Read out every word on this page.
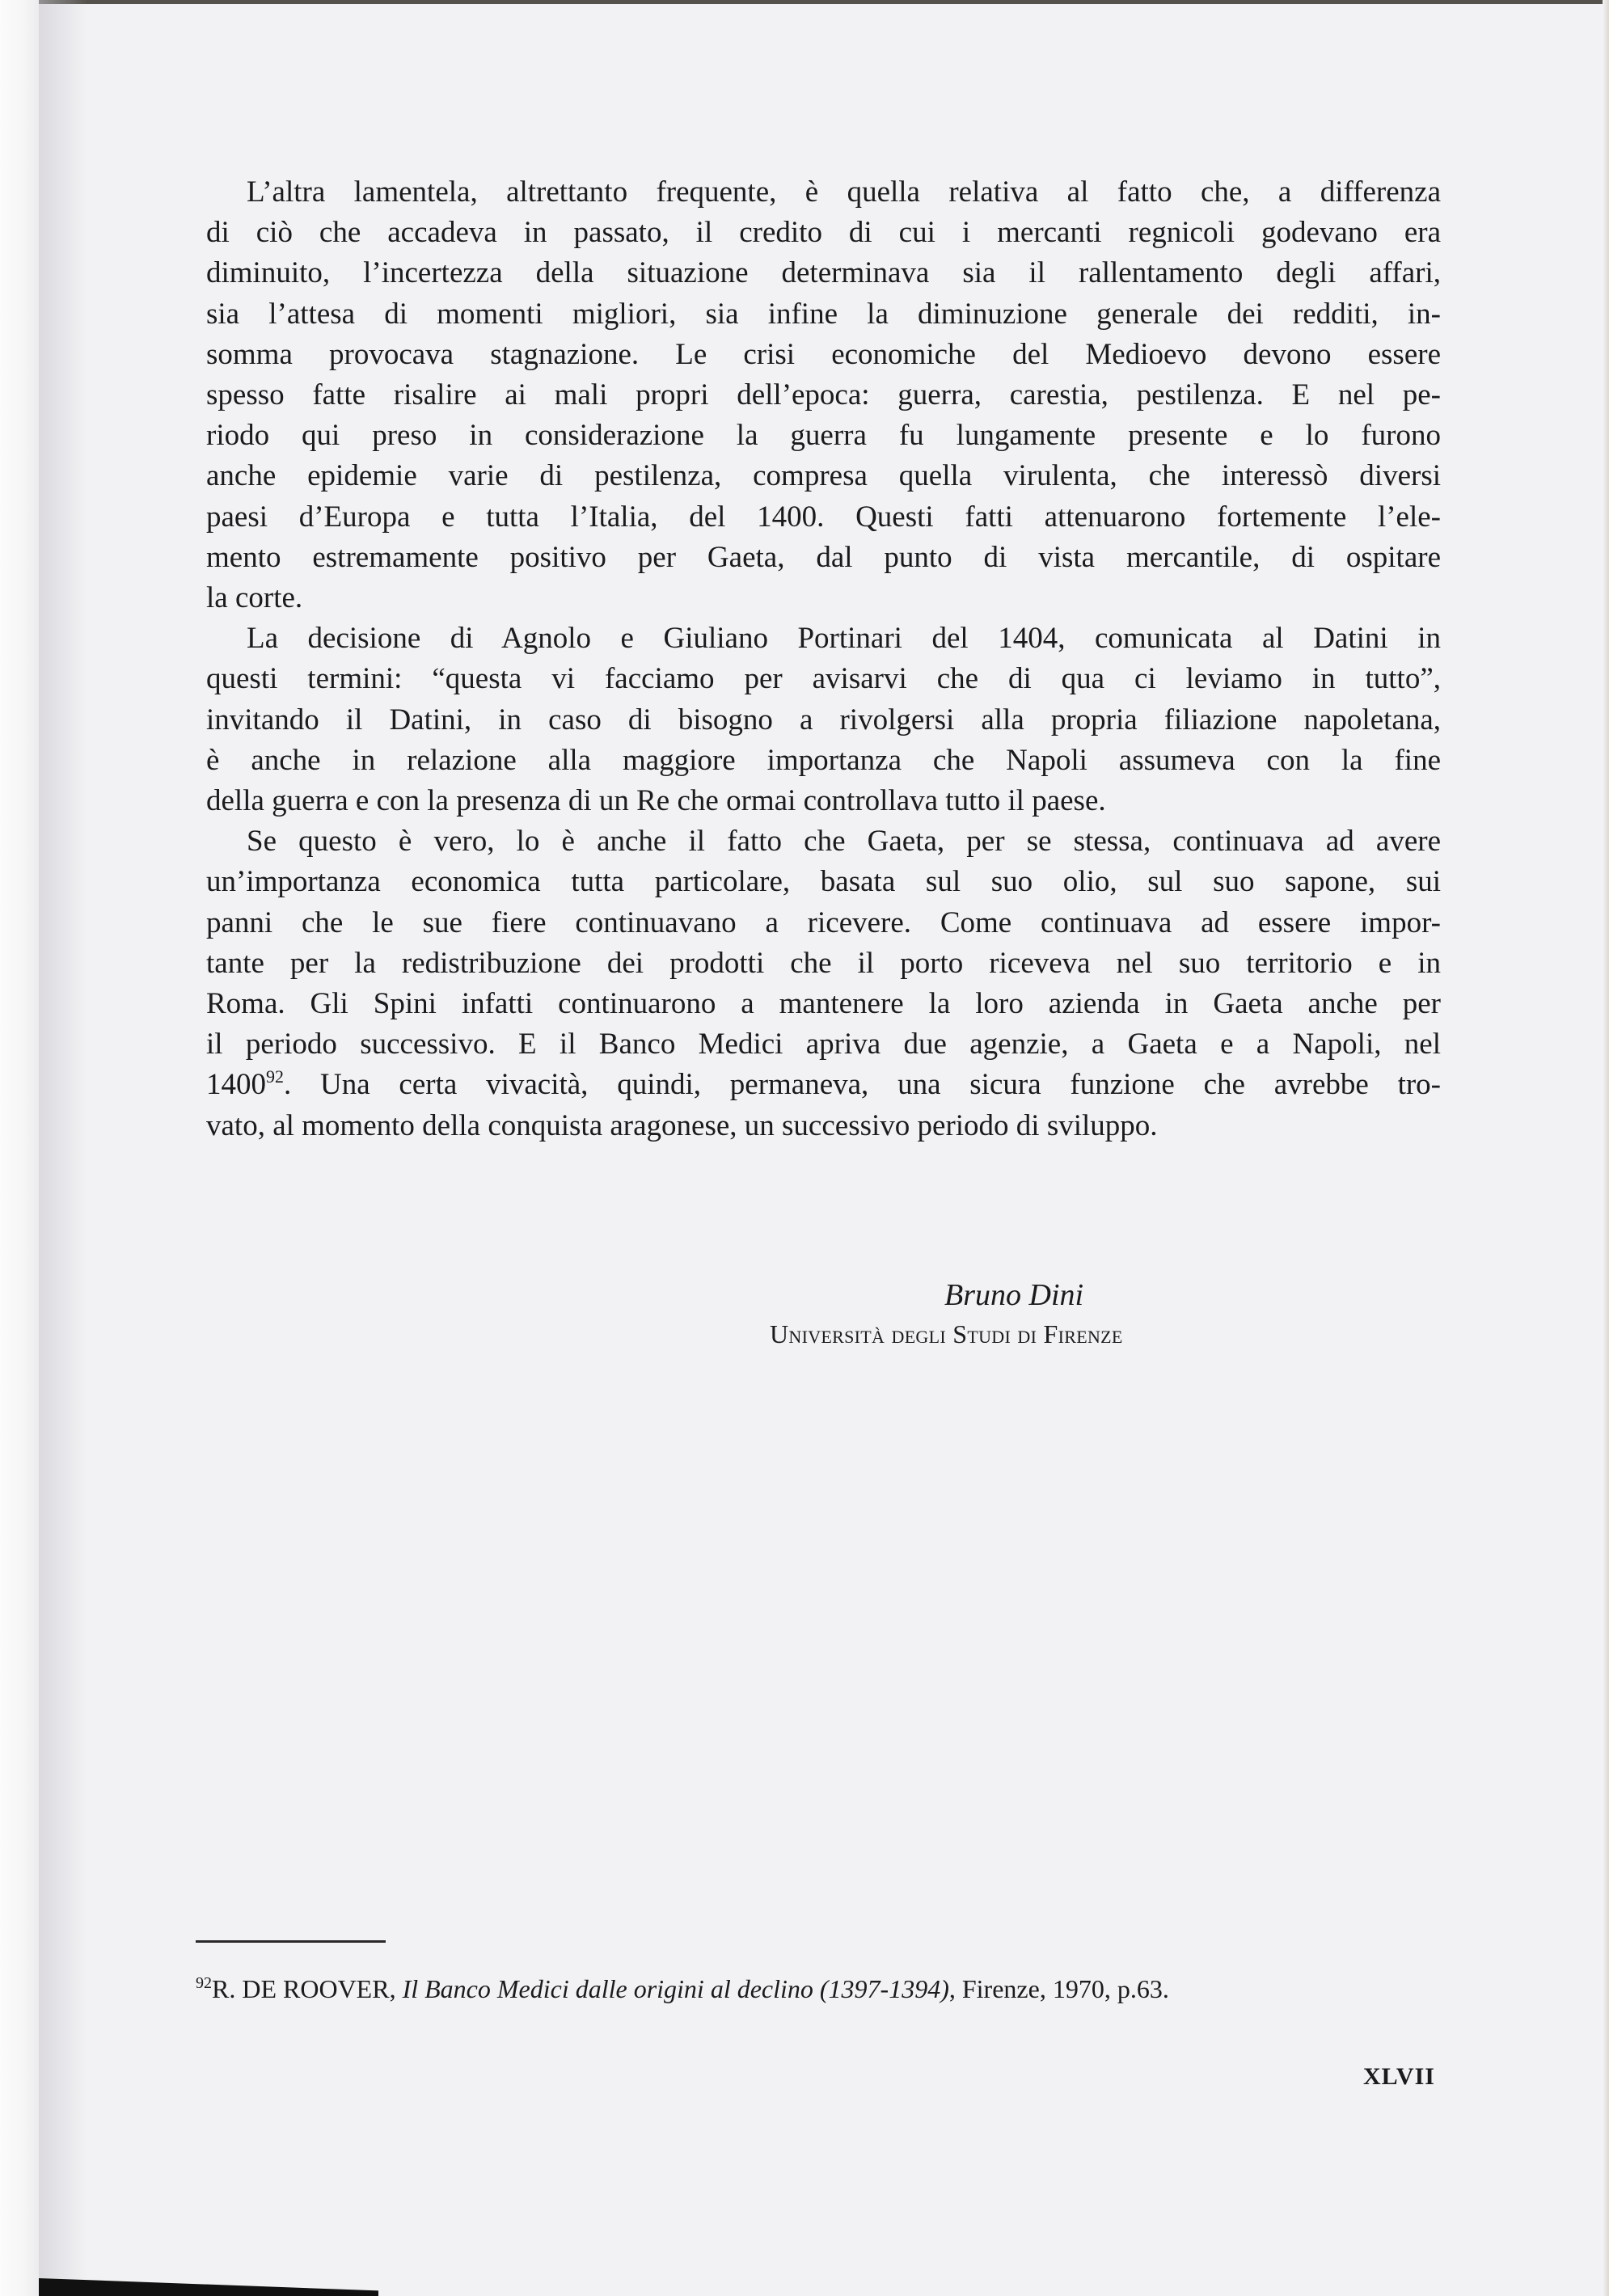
L’altra lamentela, altrettanto frequente, è quella relativa al fatto che, a differenza
di ciò che accadeva in passato, il credito di cui i mercanti regnicoli godevano era
diminuito, l’incertezza della situazione determinava sia il rallentamento degli affari,
sia l’attesa di momenti migliori, sia infine la diminuzione generale dei redditi, in-
somma provocava stagnazione. Le crisi economiche del Medioevo devono essere
spesso fatte risalire ai mali propri dell’epoca: guerra, carestia, pestilenza. E nel pe-
riodo qui preso in considerazione la guerra fu lungamente presente e lo furono
anche epidemie varie di pestilenza, compresa quella virulenta, che interessò diversi
paesi d’Europa e tutta l’Italia, del 1400. Questi fatti attenuarono fortemente l’ele-
mento estremamente positivo per Gaeta, dal punto di vista mercantile, di ospitare
la corte.

La decisione di Agnolo e Giuliano Portinari del 1404, comunicata al Datini in
questi termini: “questa vi facciamo per avisarvi che di qua ci leviamo in tutto”,
invitando il Datini, in caso di bisogno a rivolgersi alla propria filiazione napoletana,
è anche in relazione alla maggiore importanza che Napoli assumeva con la fine
della guerra e con la presenza di un Re che ormai controllava tutto il paese.

Se questo è vero, lo è anche il fatto che Gaeta, per se stessa, continuava ad avere
un’importanza economica tutta particolare, basata sul suo olio, sul suo sapone, sui
panni che le sue fiere continuavano a ricevere. Come continuava ad essere impor-
tante per la redistribuzione dei prodotti che il porto riceveva nel suo territorio e in
Roma. Gli Spini infatti continuarono a mantenere la loro azienda in Gaeta anche per
il periodo successivo. E il Banco Medici apriva due agenzie, a Gaeta e a Napoli, nel
1400$^{92}$. Una certa vivacità, quindi, permaneva, una sicura funzione che avrebbe tro-
vato, al momento della conquista aragonese, un successivo periodo di sviluppo.

Bruno Dini
Università degli Studi di Firenze
$^{92}$R. DE ROOVER, Il Banco Medici dalle origini al declino (1397-1394), Firenze, 1970, p.63.
XLVII
